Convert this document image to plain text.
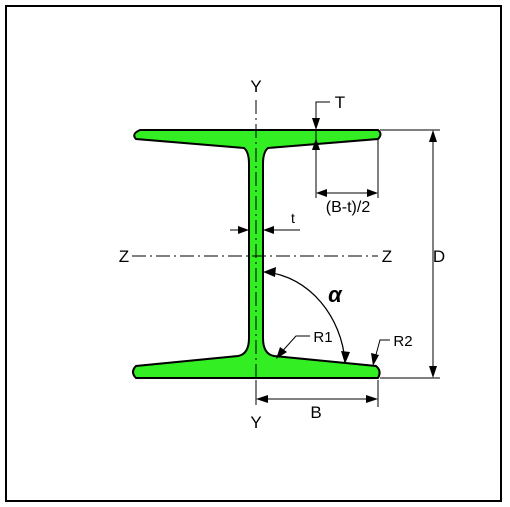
Y
Y
Z	Z
T
(B-t)/2
t
D
B
α
R1	R2
